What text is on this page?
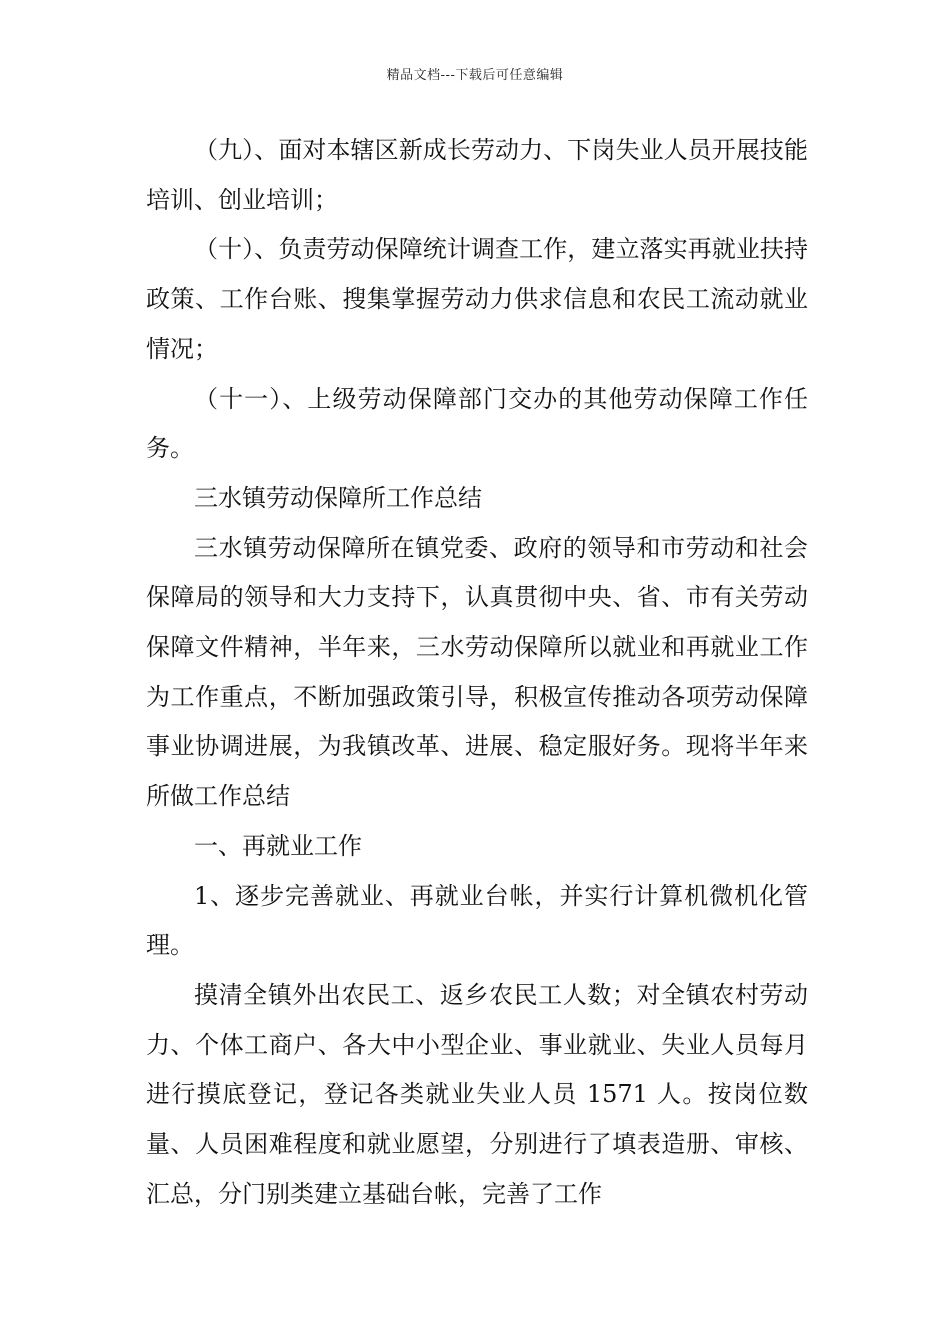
精品文档---下载后可任意编辑

（九）、面对本辖区新成长劳动力、下岗失业人员开展技能培训、创业培训；

（十）、负责劳动保障统计调查工作，建立落实再就业扶持政策、工作台账、搜集掌握劳动力供求信息和农民工流动就业情况；

（十一）、上级劳动保障部门交办的其他劳动保障工作任务。

三水镇劳动保障所工作总结

三水镇劳动保障所在镇党委、政府的领导和市劳动和社会保障局的领导和大力支持下，认真贯彻中央、省、市有关劳动保障文件精神，半年来，三水劳动保障所以就业和再就业工作为工作重点，不断加强政策引导，积极宣传推动各项劳动保障事业协调进展，为我镇改革、进展、稳定服好务。现将半年来所做工作总结

一、再就业工作

1、逐步完善就业、再就业台帐，并实行计算机微机化管理。

摸清全镇外出农民工、返乡农民工人数；对全镇农村劳动力、个体工商户、各大中小型企业、事业就业、失业人员每月进行摸底登记，登记各类就业失业人员 1571 人。按岗位数量、人员困难程度和就业愿望，分别进行了填表造册、审核、汇总，分门别类建立基础台帐，完善了工作
